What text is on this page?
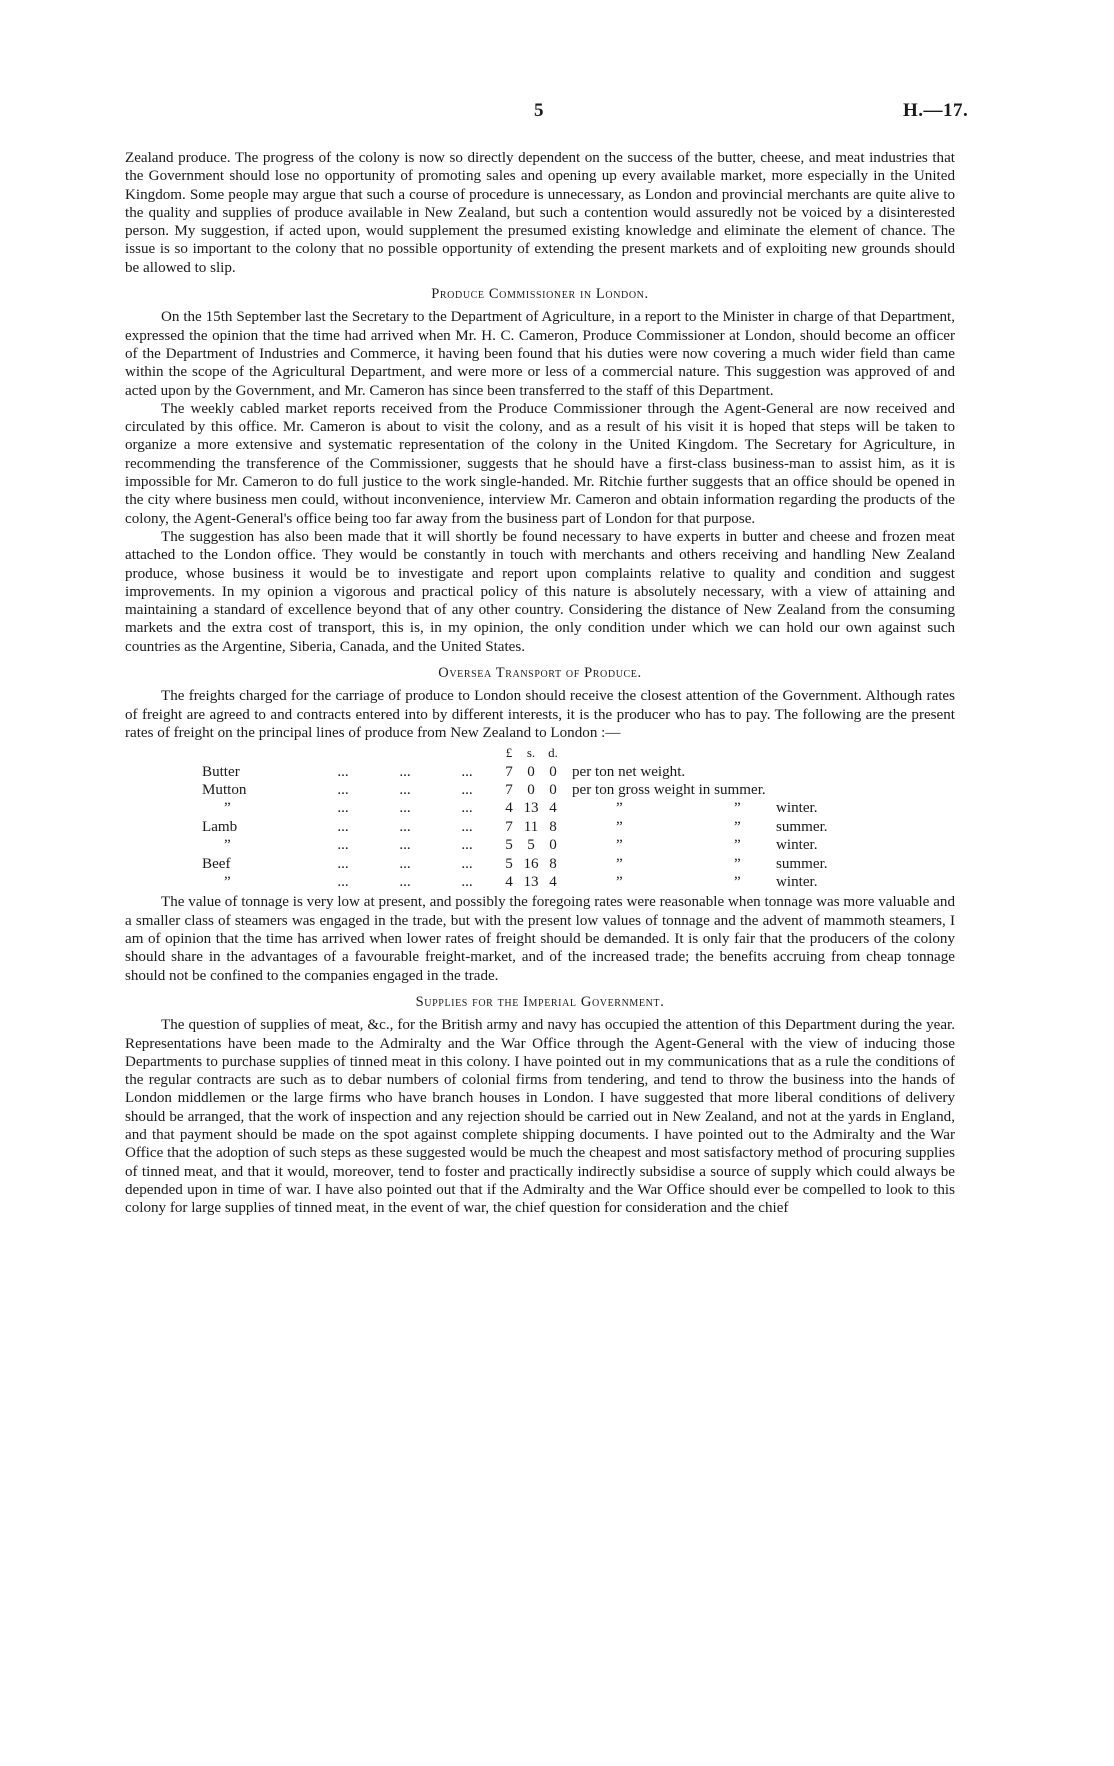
5	H.—17.

Zealand produce. The progress of the colony is now so directly dependent on the success of the butter, cheese, and meat industries that the Government should lose no opportunity of promoting sales and opening up every available market, more especially in the United Kingdom. Some people may argue that such a course of procedure is unnecessary, as London and provincial merchants are quite alive to the quality and supplies of produce available in New Zealand, but such a contention would assuredly not be voiced by a disinterested person. My suggestion, if acted upon, would supplement the presumed existing knowledge and eliminate the element of chance. The issue is so important to the colony that no possible opportunity of extending the present markets and of exploiting new grounds should be allowed to slip.

Produce Commissioner in London.

On the 15th September last the Secretary to the Department of Agriculture, in a report to the Minister in charge of that Department, expressed the opinion that the time had arrived when Mr. H. C. Cameron, Produce Commissioner at London, should become an officer of the Department of Industries and Commerce, it having been found that his duties were now covering a much wider field than came within the scope of the Agricultural Department, and were more or less of a commercial nature. This suggestion was approved of and acted upon by the Government, and Mr. Cameron has since been transferred to the staff of this Department.

The weekly cabled market reports received from the Produce Commissioner through the Agent-General are now received and circulated by this office. Mr. Cameron is about to visit the colony, and as a result of his visit it is hoped that steps will be taken to organize a more extensive and systematic representation of the colony in the United Kingdom. The Secretary for Agriculture, in recommending the transference of the Commissioner, suggests that he should have a first-class business-man to assist him, as it is impossible for Mr. Cameron to do full justice to the work single-handed. Mr. Ritchie further suggests that an office should be opened in the city where business men could, without inconvenience, interview Mr. Cameron and obtain information regarding the products of the colony, the Agent-General's office being too far away from the business part of London for that purpose.

The suggestion has also been made that it will shortly be found necessary to have experts in butter and cheese and frozen meat attached to the London office. They would be constantly in touch with merchants and others receiving and handling New Zealand produce, whose business it would be to investigate and report upon complaints relative to quality and condition and suggest improvements. In my opinion a vigorous and practical policy of this nature is absolutely necessary, with a view of attaining and maintaining a standard of excellence beyond that of any other country. Considering the distance of New Zealand from the consuming markets and the extra cost of transport, this is, in my opinion, the only condition under which we can hold our own against such countries as the Argentine, Siberia, Canada, and the United States.

Oversea Transport of Produce.

The freights charged for the carriage of produce to London should receive the closest attention of the Government. Although rates of freight are agreed to and contracts entered into by different interests, it is the producer who has to pay. The following are the present rates of freight on the principal lines of produce from New Zealand to London :—

				£	s.	d.	
Butter	...	...	...	7	0	0	per ton net weight.
Mutton	...	...	...	7	0	0	per ton gross weight in summer.
”	...	...	...	4	13	4	” ” winter.
Lamb	...	...	...	7	11	8	” ” summer.
”	...	...	...	5	5	0	” ” winter.
Beef	...	...	...	5	16	8	” ” summer.
”	...	...	...	4	13	4	” ” winter.

The value of tonnage is very low at present, and possibly the foregoing rates were reasonable when tonnage was more valuable and a smaller class of steamers was engaged in the trade, but with the present low values of tonnage and the advent of mammoth steamers, I am of opinion that the time has arrived when lower rates of freight should be demanded. It is only fair that the producers of the colony should share in the advantages of a favourable freight-market, and of the increased trade; the benefits accruing from cheap tonnage should not be confined to the companies engaged in the trade.

Supplies for the Imperial Government.

The question of supplies of meat, &c., for the British army and navy has occupied the attention of this Department during the year. Representations have been made to the Admiralty and the War Office through the Agent-General with the view of inducing those Departments to purchase supplies of tinned meat in this colony. I have pointed out in my communications that as a rule the conditions of the regular contracts are such as to debar numbers of colonial firms from tendering, and tend to throw the business into the hands of London middlemen or the large firms who have branch houses in London. I have suggested that more liberal conditions of delivery should be arranged, that the work of inspection and any rejection should be carried out in New Zealand, and not at the yards in England, and that payment should be made on the spot against complete shipping documents. I have pointed out to the Admiralty and the War Office that the adoption of such steps as these suggested would be much the cheapest and most satisfactory method of procuring supplies of tinned meat, and that it would, moreover, tend to foster and practically indirectly subsidise a source of supply which could always be depended upon in time of war. I have also pointed out that if the Admiralty and the War Office should ever be compelled to look to this colony for large supplies of tinned meat, in the event of war, the chief question for consideration and the chief
